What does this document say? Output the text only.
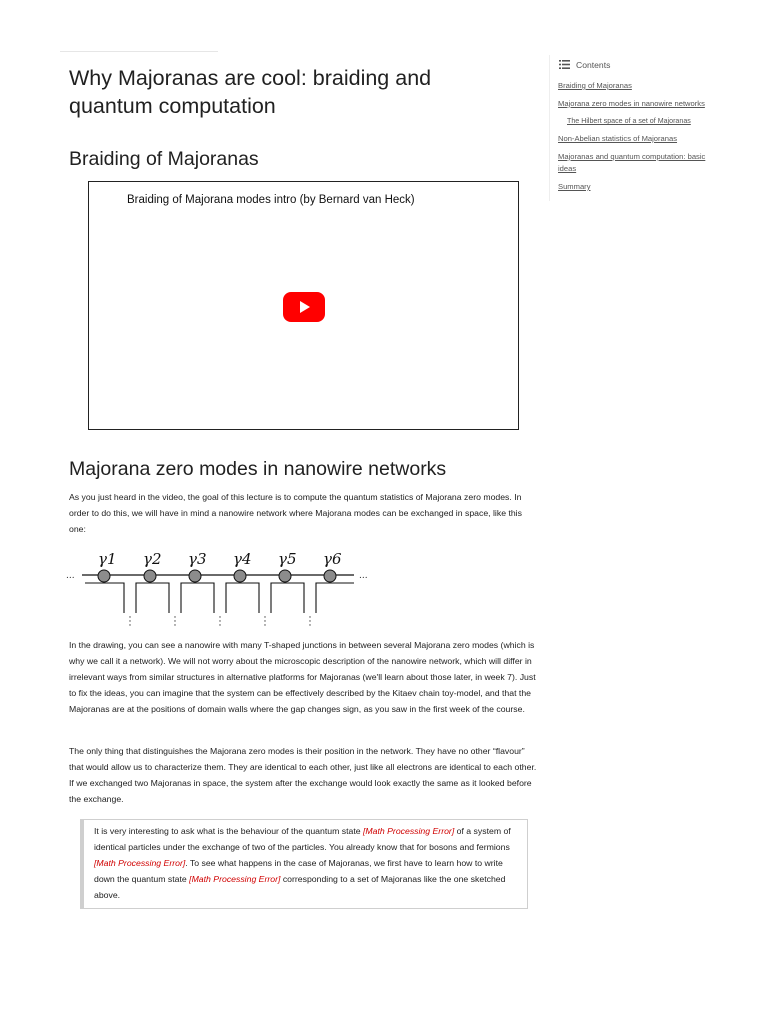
Why Majoranas are cool: braiding and quantum computation
Braiding of Majoranas
Braiding of Majorana modes intro (by Bernard van Heck)
Majorana zero modes in nanowire networks

As you just heard in the video, the goal of this lecture is to compute the quantum statistics of Majorana zero modes. In order to do this, we will have in mind a nanowire network where Majorana modes can be exchanged in space, like this one:

...	...
γ1 γ2 γ3 γ4 γ5 γ6

In the drawing, you can see a nanowire with many T-shaped junctions in between several Majorana zero modes (which is why we call it a network). We will not worry about the microscopic description of the nanowire network, which will differ in irrelevant ways from similar structures in alternative platforms for Majoranas (we'll learn about those later, in week 7). Just to fix the ideas, you can imagine that the system can be effectively described by the Kitaev chain toy-model, and that the Majoranas are at the positions of domain walls where the gap changes sign, as you saw in the first week of the course.

The only thing that distinguishes the Majorana zero modes is their position in the network. They have no other “flavour” that would allow us to characterize them. They are identical to each other, just like all electrons are identical to each other. If we exchanged two Majoranas in space, the system after the exchange would look exactly the same as it looked before the exchange.

It is very interesting to ask what is the behaviour of the quantum state [Math Processing Error] of a system of identical particles under the exchange of two of the particles. You already know that for bosons and fermions [Math Processing Error]. To see what happens in the case of Majoranas, we first have to learn how to write down the quantum state [Math Processing Error] corresponding to a set of Majoranas like the one sketched above.
Contents
Braiding of Majoranas
Majorana zero modes in nanowire networks
The Hilbert space of a set of Majoranas
Non-Abelian statistics of Majoranas
Majoranas and quantum computation: basic ideas
Summary
